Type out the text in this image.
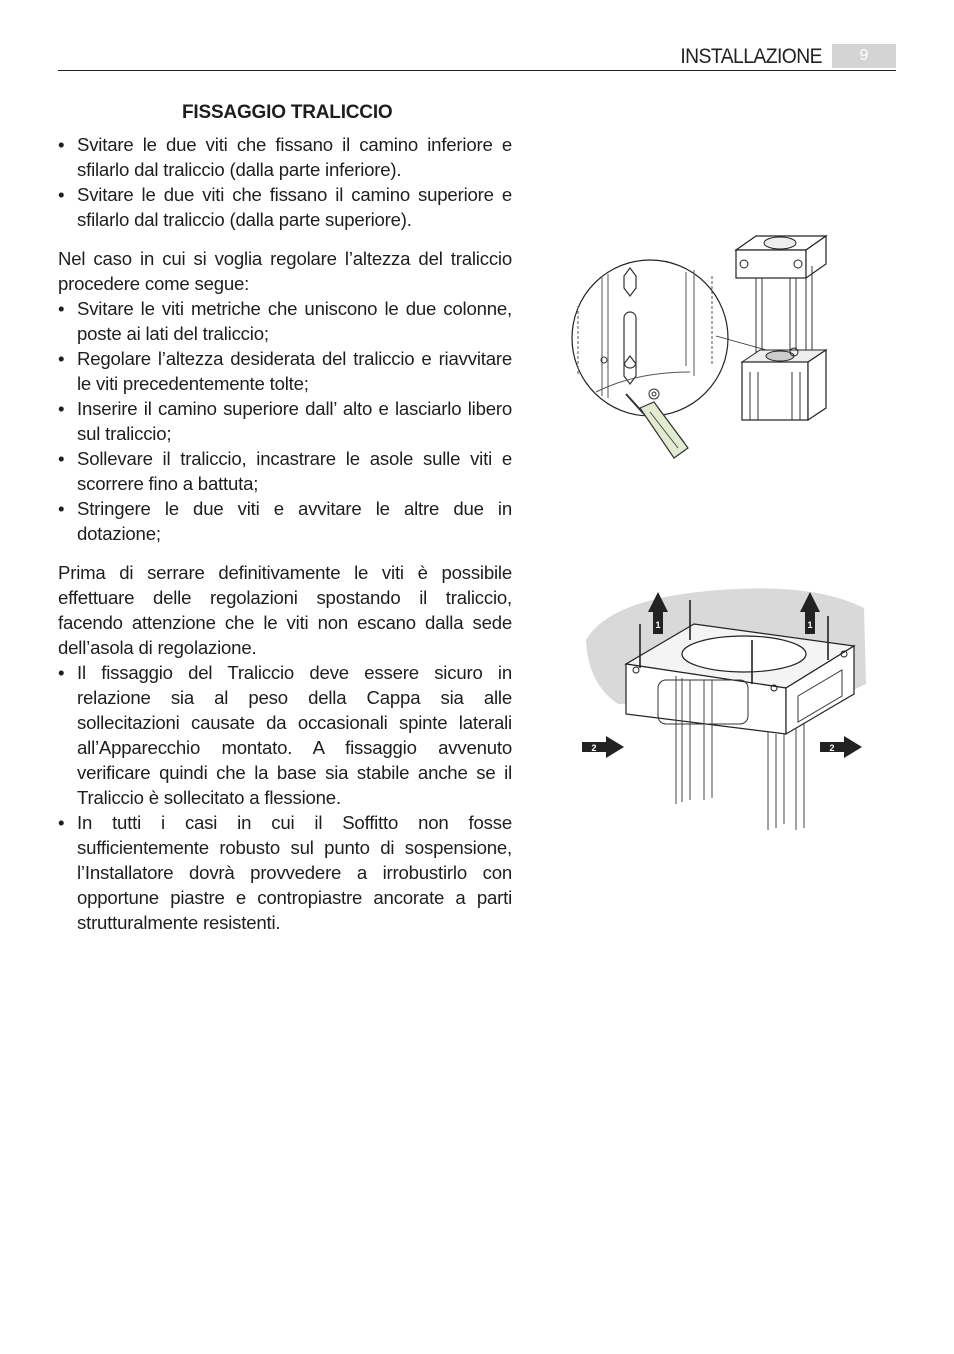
INSTALLAZIONE	9
FISSAGGIO TRALICCIO
• Svitare le due viti che fissano il camino inferiore e sfilarlo dal traliccio (dalla parte inferiore).
• Svitare le due viti che fissano il camino superiore e sfilarlo dal traliccio (dalla parte superiore).

Nel caso in cui si voglia regolare l’altezza del traliccio procedere come segue:

• Svitare le viti metriche che uniscono le due colonne, poste ai lati del traliccio;
• Regolare l’altezza desiderata del traliccio e riavvitare le viti precedentemente tolte;
• Inserire il camino superiore dall’ alto e lasciarlo libero sul traliccio;
• Sollevare il traliccio, incastrare le asole sulle viti e scorrere fino a battuta;
• Stringere le due viti e avvitare le altre due in dotazione;

Prima di serrare definitivamente le viti è possibile effettuare delle regolazioni spostando il traliccio, facendo attenzione che le viti non escano dalla sede dell’asola di regolazione.

• Il fissaggio del Traliccio deve essere sicuro in relazione sia al peso della Cappa sia alle sollecitazioni causate da occasionali spinte laterali all’Apparecchio montato. A fissaggio avvenuto verificare quindi che la base sia stabile anche se il Traliccio è sollecitato a flessione.
• In tutti i casi in cui il Soffitto non fosse sufficientemente robusto sul punto di sospensione, l’Installatore dovrà provvedere a irrobustirlo con opportune piastre e contropiastre ancorate a parti strutturalmente resistenti.
1	1
2	2
